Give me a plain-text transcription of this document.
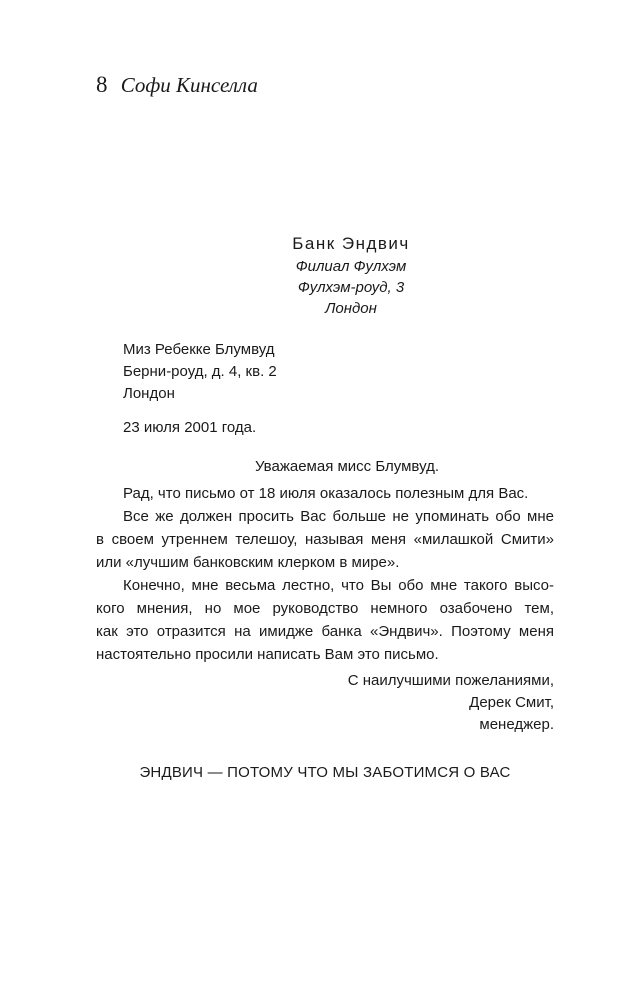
8 Софи Кинселла
Банк Эндвич
Филиал Фулхэм
Фулхэм-роуд, 3
Лондон
Миз Ребекке Блумвуд
Берни-роуд, д. 4, кв. 2
Лондон
23 июля 2001 года.
Уважаемая мисс Блумвуд.
Рад, что письмо от 18 июля оказалось полезным для Вас.
Все же должен просить Вас больше не упоминать обо мне
в своем утреннем телешоу, называя меня «милашкой Смити»
или «лучшим банковским клерком в мире».
Конечно, мне весьма лестно, что Вы обо мне такого высо-
кого мнения, но мое руководство немного озабочено тем,
как это отразится на имидже банка «Эндвич». Поэтому меня
настоятельно просили написать Вам это письмо.
С наилучшими пожеланиями,
Дерек Смит,
менеджер.
ЭНДВИЧ — ПОТОМУ ЧТО МЫ ЗАБОТИМСЯ О ВАС
